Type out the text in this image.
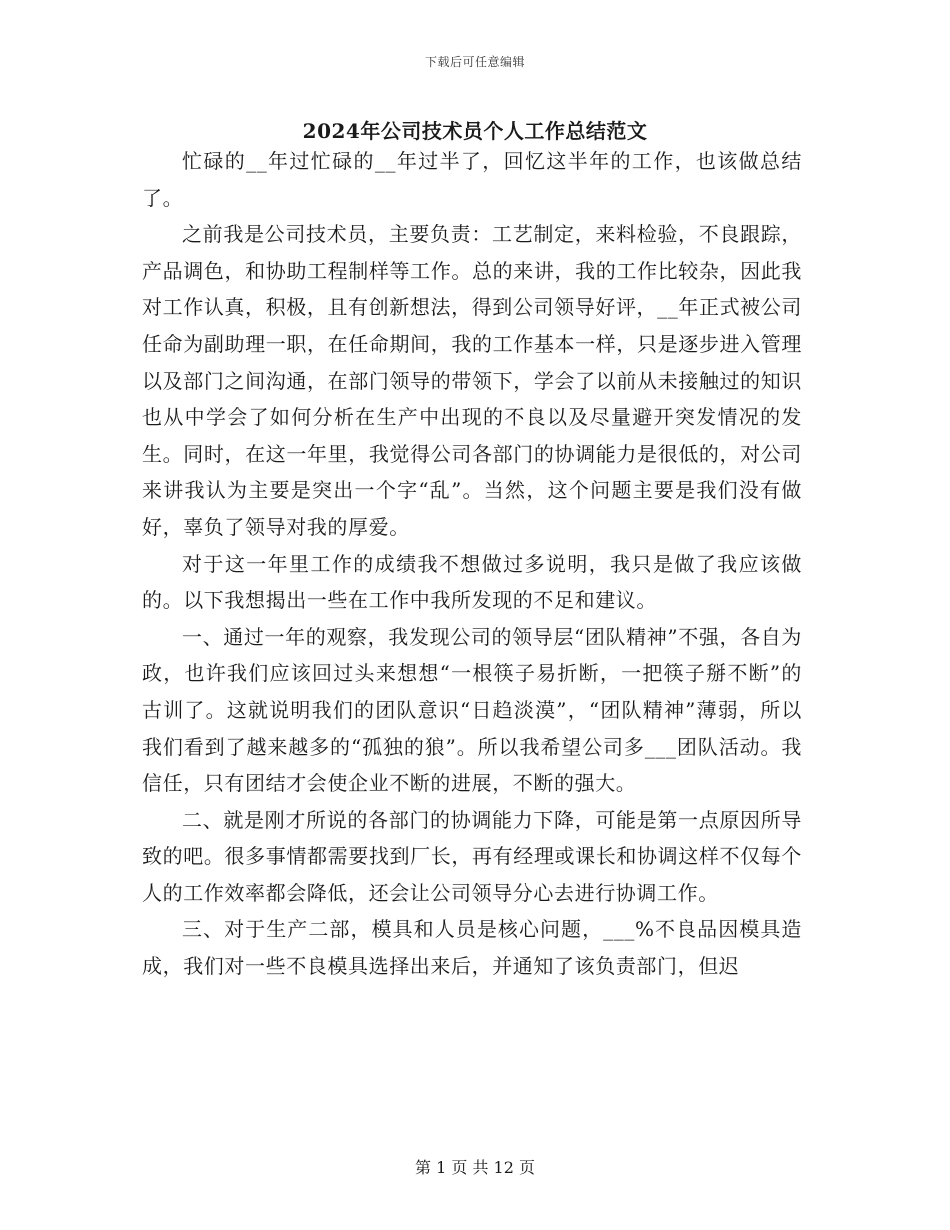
下载后可任意编辑
2024年公司技术员个人工作总结范文

忙碌的__年过忙碌的__年过半了，回忆这半年的工作，也该做总结了。

之前我是公司技术员，主要负责：工艺制定，来料检验，不良跟踪，产品调色，和协助工程制样等工作。总的来讲，我的工作比较杂，因此我对工作认真，积极，且有创新想法，得到公司领导好评，__年正式被公司任命为副助理一职，在任命期间，我的工作基本一样，只是逐步进入管理以及部门之间沟通，在部门领导的带领下，学会了以前从未接触过的知识也从中学会了如何分析在生产中出现的不良以及尽量避开突发情况的发生。同时，在这一年里，我觉得公司各部门的协调能力是很低的，对公司来讲我认为主要是突出一个字“乱”。当然，这个问题主要是我们没有做好，辜负了领导对我的厚爱。

对于这一年里工作的成绩我不想做过多说明，我只是做了我应该做的。以下我想揭出一些在工作中我所发现的不足和建议。

一、通过一年的观察，我发现公司的领导层“团队精神”不强，各自为政，也许我们应该回过头来想想“一根筷子易折断，一把筷子掰不断”的古训了。这就说明我们的团队意识“日趋淡漠”，“团队精神”薄弱，所以我们看到了越来越多的“孤独的狼”。所以我希望公司多___团队活动。我信任，只有团结才会使企业不断的进展，不断的强大。

二、就是刚才所说的各部门的协调能力下降，可能是第一点原因所导致的吧。很多事情都需要找到厂长，再有经理或课长和协调这样不仅每个人的工作效率都会降低，还会让公司领导分心去进行协调工作。

三、对于生产二部，模具和人员是核心问题，___%不良品因模具造成，我们对一些不良模具选择出来后，并通知了该负责部门，但迟

第 1 页 共 12 页
